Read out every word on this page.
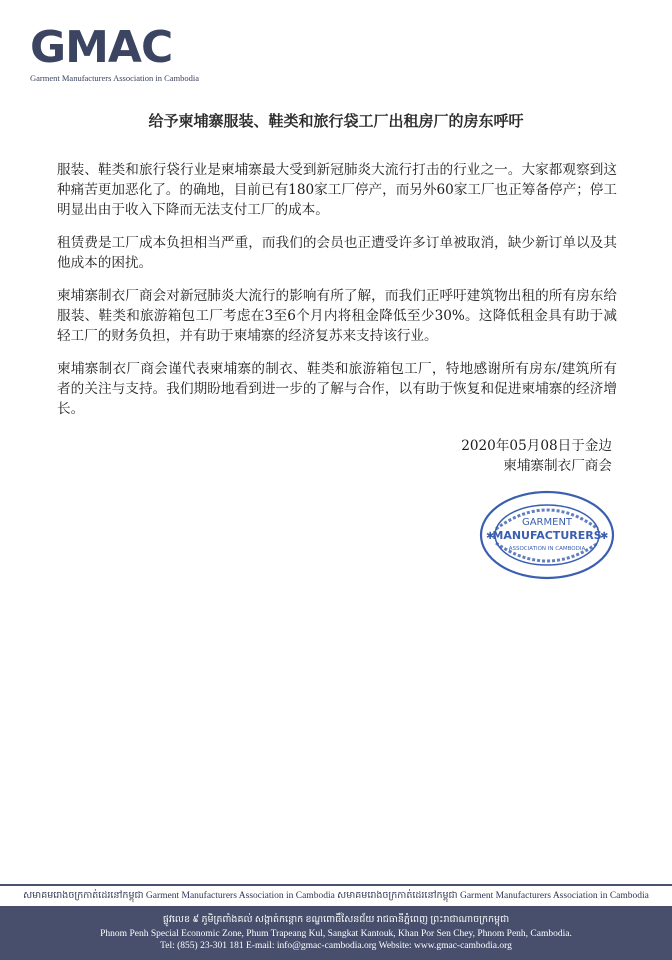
GMAC
Garment Manufacturers Association in Cambodia
给予柬埔寨服装、鞋类和旅行袋工厂出租房厂的房东呼吁

服装、鞋类和旅行袋行业是柬埔寨最大受到新冠肺炎大流行打击的行业之一。大家都观察到这种痛苦更加恶化了。的确地，目前已有180家工厂停产，而另外60家工厂也正筹备停产；停工明显出由于收入下降而无法支付工厂的成本。

租赁费是工厂成本负担相当严重，而我们的会员也正遭受许多订单被取消，缺少新订单以及其他成本的困扰。

柬埔寨制衣厂商会对新冠肺炎大流行的影响有所了解，而我们正呼吁建筑物出租的所有房东给服装、鞋类和旅游箱包工厂考虑在3至6个月内将租金降低至少30%。这降低租金具有助于减轻工厂的财务负担，并有助于柬埔寨的经济复苏来支持该行业。

柬埔寨制衣厂商会谨代表柬埔寨的制衣、鞋类和旅游箱包工厂，特地感谢所有房东/建筑所有者的关注与支持。我们期盼地看到进一步的了解与合作，以有助于恢复和促进柬埔寨的经济增长。

2020年05月08日于金边
柬埔寨制衣厂商会
✱	✱
GARMENT
MANUFACTURERS
ASSOCIATION IN CAMBODIA
សមាគមរោងចក្រកាត់ដេរនៅកម្ពុជា Garment Manufacturers Association in Cambodia សមាគមរោងចក្រកាត់ដេរនៅកម្ពុជា Garment Manufacturers Association in Cambodia
ផ្លូវលេខ ៩ ភូមិត្រពាំងគល់ សង្កាត់កន្តោក ខណ្ឌពោធិ៍សែនជ័យ រាជធានីភ្នំពេញ ព្រះរាជាណាចក្រកម្ពុជា
Phnom Penh Special Economic Zone, Phum Trapeang Kul, Sangkat Kantouk, Khan Por Sen Chey, Phnom Penh, Cambodia.
Tel: (855) 23-301 181 E-mail: info@gmac-cambodia.org Website: www.gmac-cambodia.org
